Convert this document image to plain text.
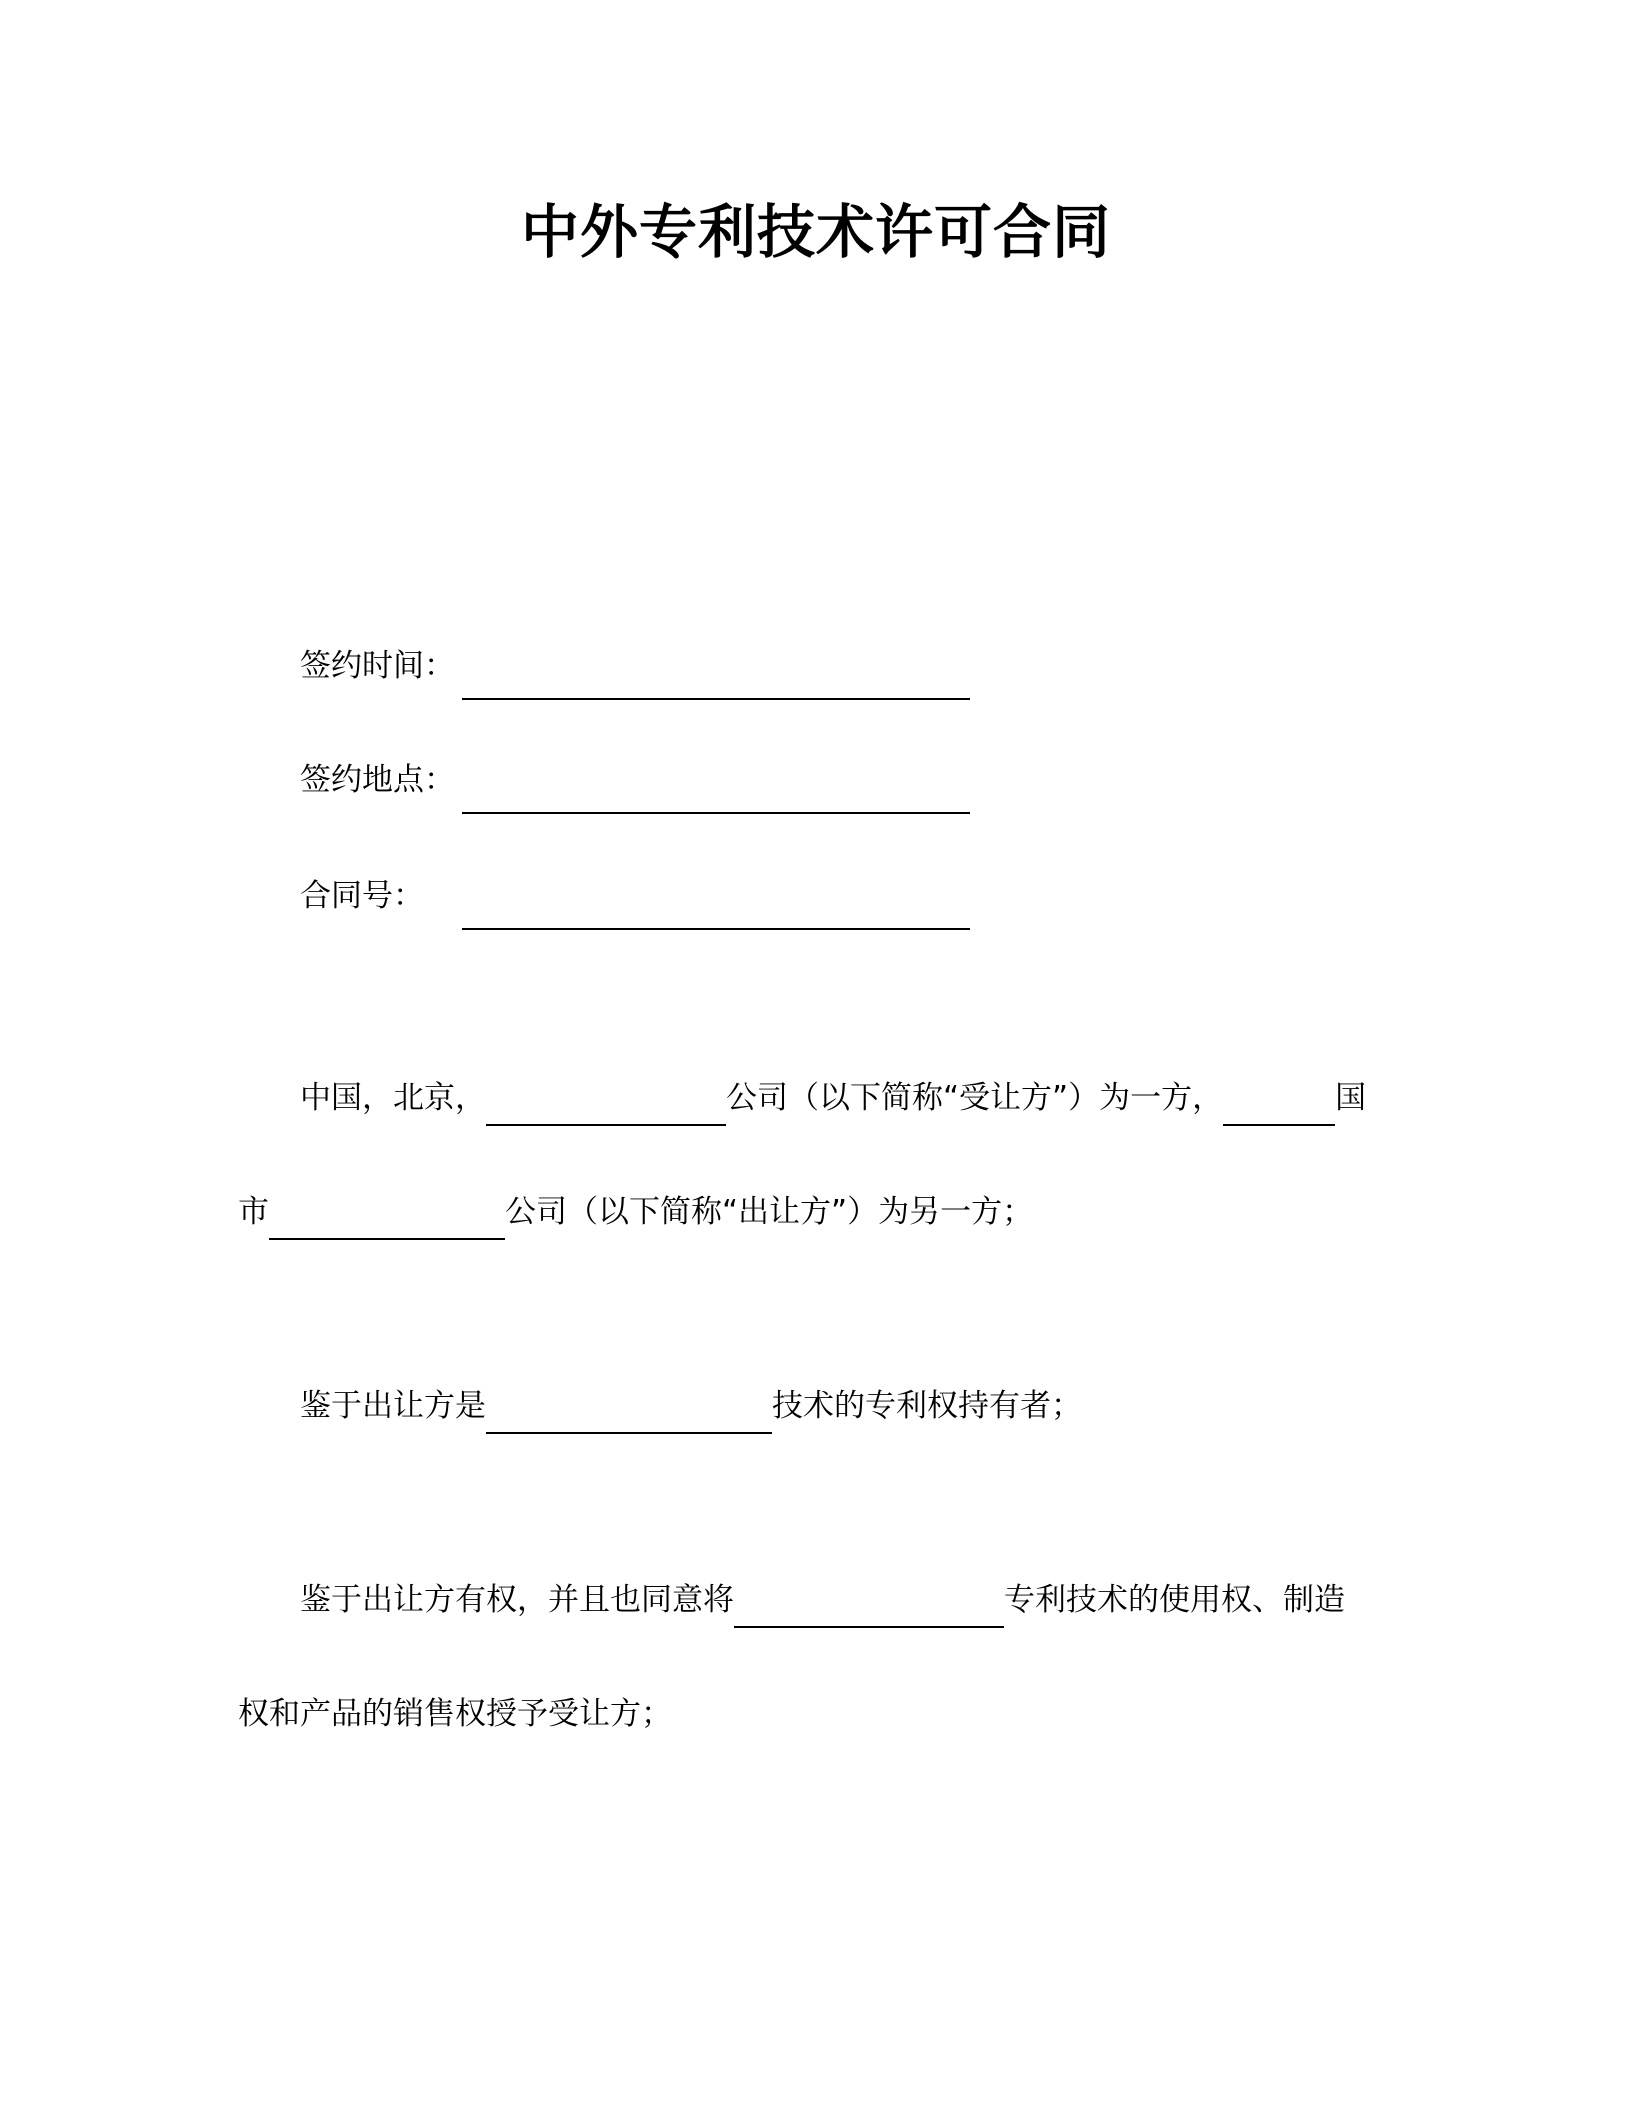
中外专利技术许可合同
签约时间：
签约地点：
合同号：
中国，北京，	公司（以下简称“受让方”）为一方，	国
市	公司（以下简称“出让方”）为另一方；
鉴于出让方是	技术的专利权持有者；
鉴于出让方有权，并且也同意将	专利技术的使用权、制造
权和产品的销售权授予受让方；
